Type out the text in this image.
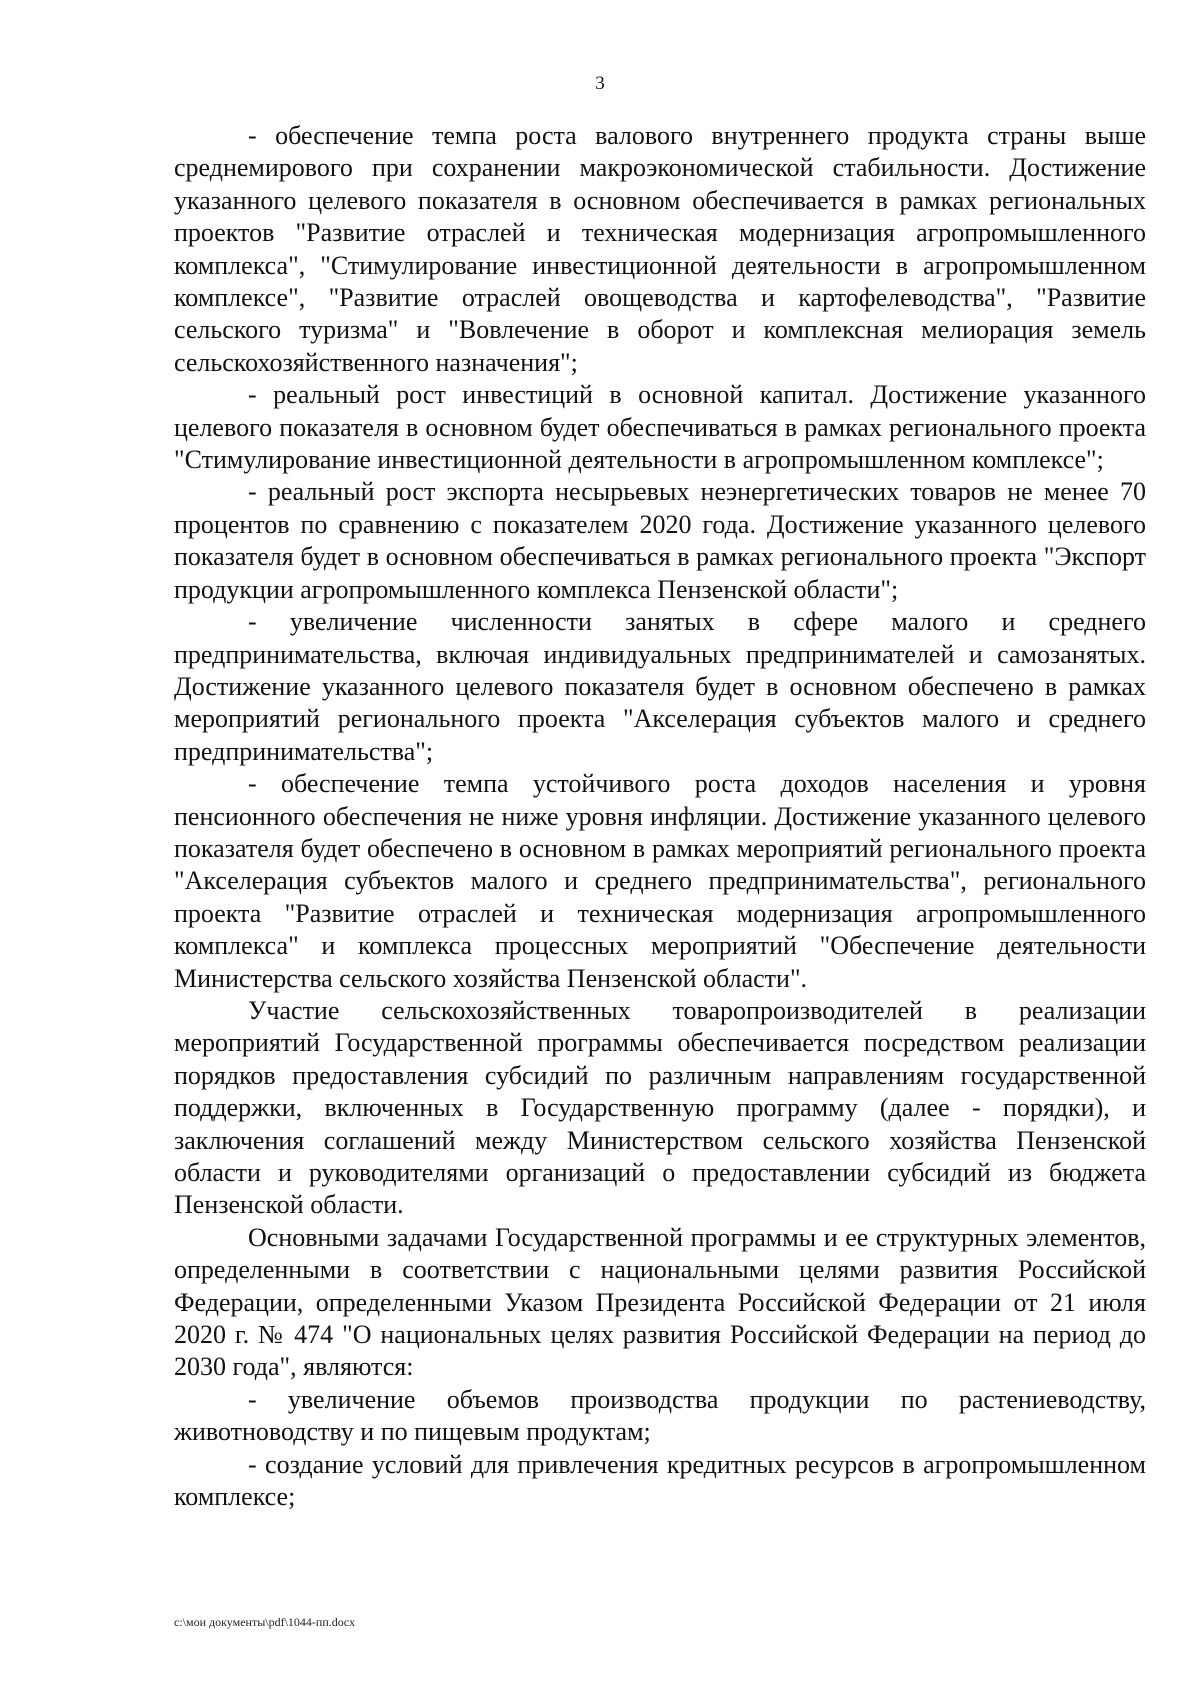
3

- обеспечение темпа роста валового внутреннего продукта страны выше среднемирового при сохранении макроэкономической стабильности. Достижение указанного целевого показателя в основном обеспечивается в рамках региональных проектов "Развитие отраслей и техническая модернизация агропромышленного комплекса", "Стимулирование инвестиционной деятельности в агропромышленном комплексе", "Развитие отраслей овощеводства и картофелеводства", "Развитие сельского туризма" и "Вовлечение в оборот и комплексная мелиорация земель сельскохозяйственного назначения";

- реальный рост инвестиций в основной капитал. Достижение указанного целевого показателя в основном будет обеспечиваться в рамках регионального проекта "Стимулирование инвестиционной деятельности в агропромышленном комплексе";

- реальный рост экспорта несырьевых неэнергетических товаров не менее 70 процентов по сравнению с показателем 2020 года. Достижение указанного целевого показателя будет в основном обеспечиваться в рамках регионального проекта "Экспорт продукции агропромышленного комплекса Пензенской области";

- увеличение численности занятых в сфере малого и среднего предпринимательства, включая индивидуальных предпринимателей и самозанятых. Достижение указанного целевого показателя будет в основном обеспечено в рамках мероприятий регионального проекта "Акселерация субъектов малого и среднего предпринимательства";

- обеспечение темпа устойчивого роста доходов населения и уровня пенсионного обеспечения не ниже уровня инфляции. Достижение указанного целевого показателя будет обеспечено в основном в рамках мероприятий регионального проекта "Акселерация субъектов малого и среднего предпринимательства", регионального проекта "Развитие отраслей и техническая модернизация агропромышленного комплекса" и комплекса процессных мероприятий "Обеспечение деятельности Министерства сельского хозяйства Пензенской области".

Участие сельскохозяйственных товаропроизводителей в реализации мероприятий Государственной программы обеспечивается посредством реализации порядков предоставления субсидий по различным направлениям государственной поддержки, включенных в Государственную программу (далее - порядки), и заключения соглашений между Министерством сельского хозяйства Пензенской области и руководителями организаций о предоставлении субсидий из бюджета Пензенской области.

Основными задачами Государственной программы и ее структурных элементов, определенными в соответствии с национальными целями развития Российской Федерации, определенными Указом Президента Российской Федерации от 21 июля 2020 г. № 474 "О национальных целях развития Российской Федерации на период до 2030 года", являются:

- увеличение объемов производства продукции по растениеводству, животноводству и по пищевым продуктам;

- создание условий для привлечения кредитных ресурсов в агропромышленном комплексе;

c:\мои документы\pdf\1044-пп.docx
